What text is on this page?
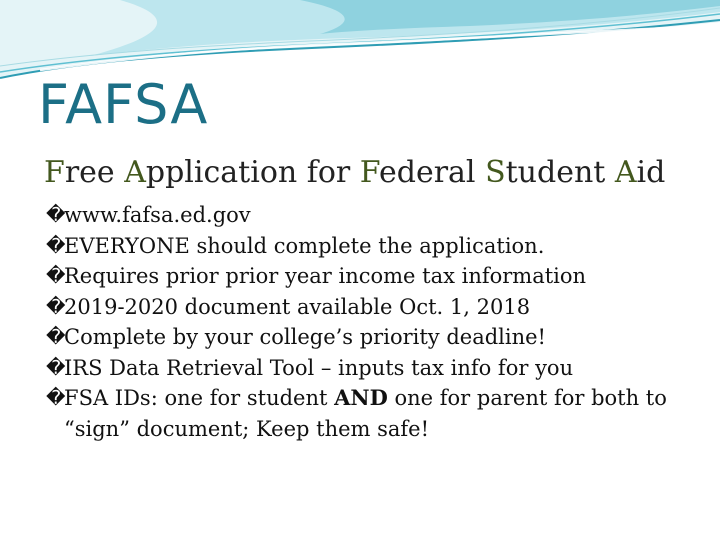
FAFSA
Free Application for Federal Student Aid
�
www.fafsa.ed.gov
�
EVERYONE should complete the application.
�
Requires prior prior year income tax information
�
2019-2020 document available Oct. 1, 2018
�
Complete by your college’s priority deadline!
�
IRS Data Retrieval Tool – inputs tax info for you
�
FSA IDs: one for student AND one for parent for both to “sign” document; Keep them safe!
